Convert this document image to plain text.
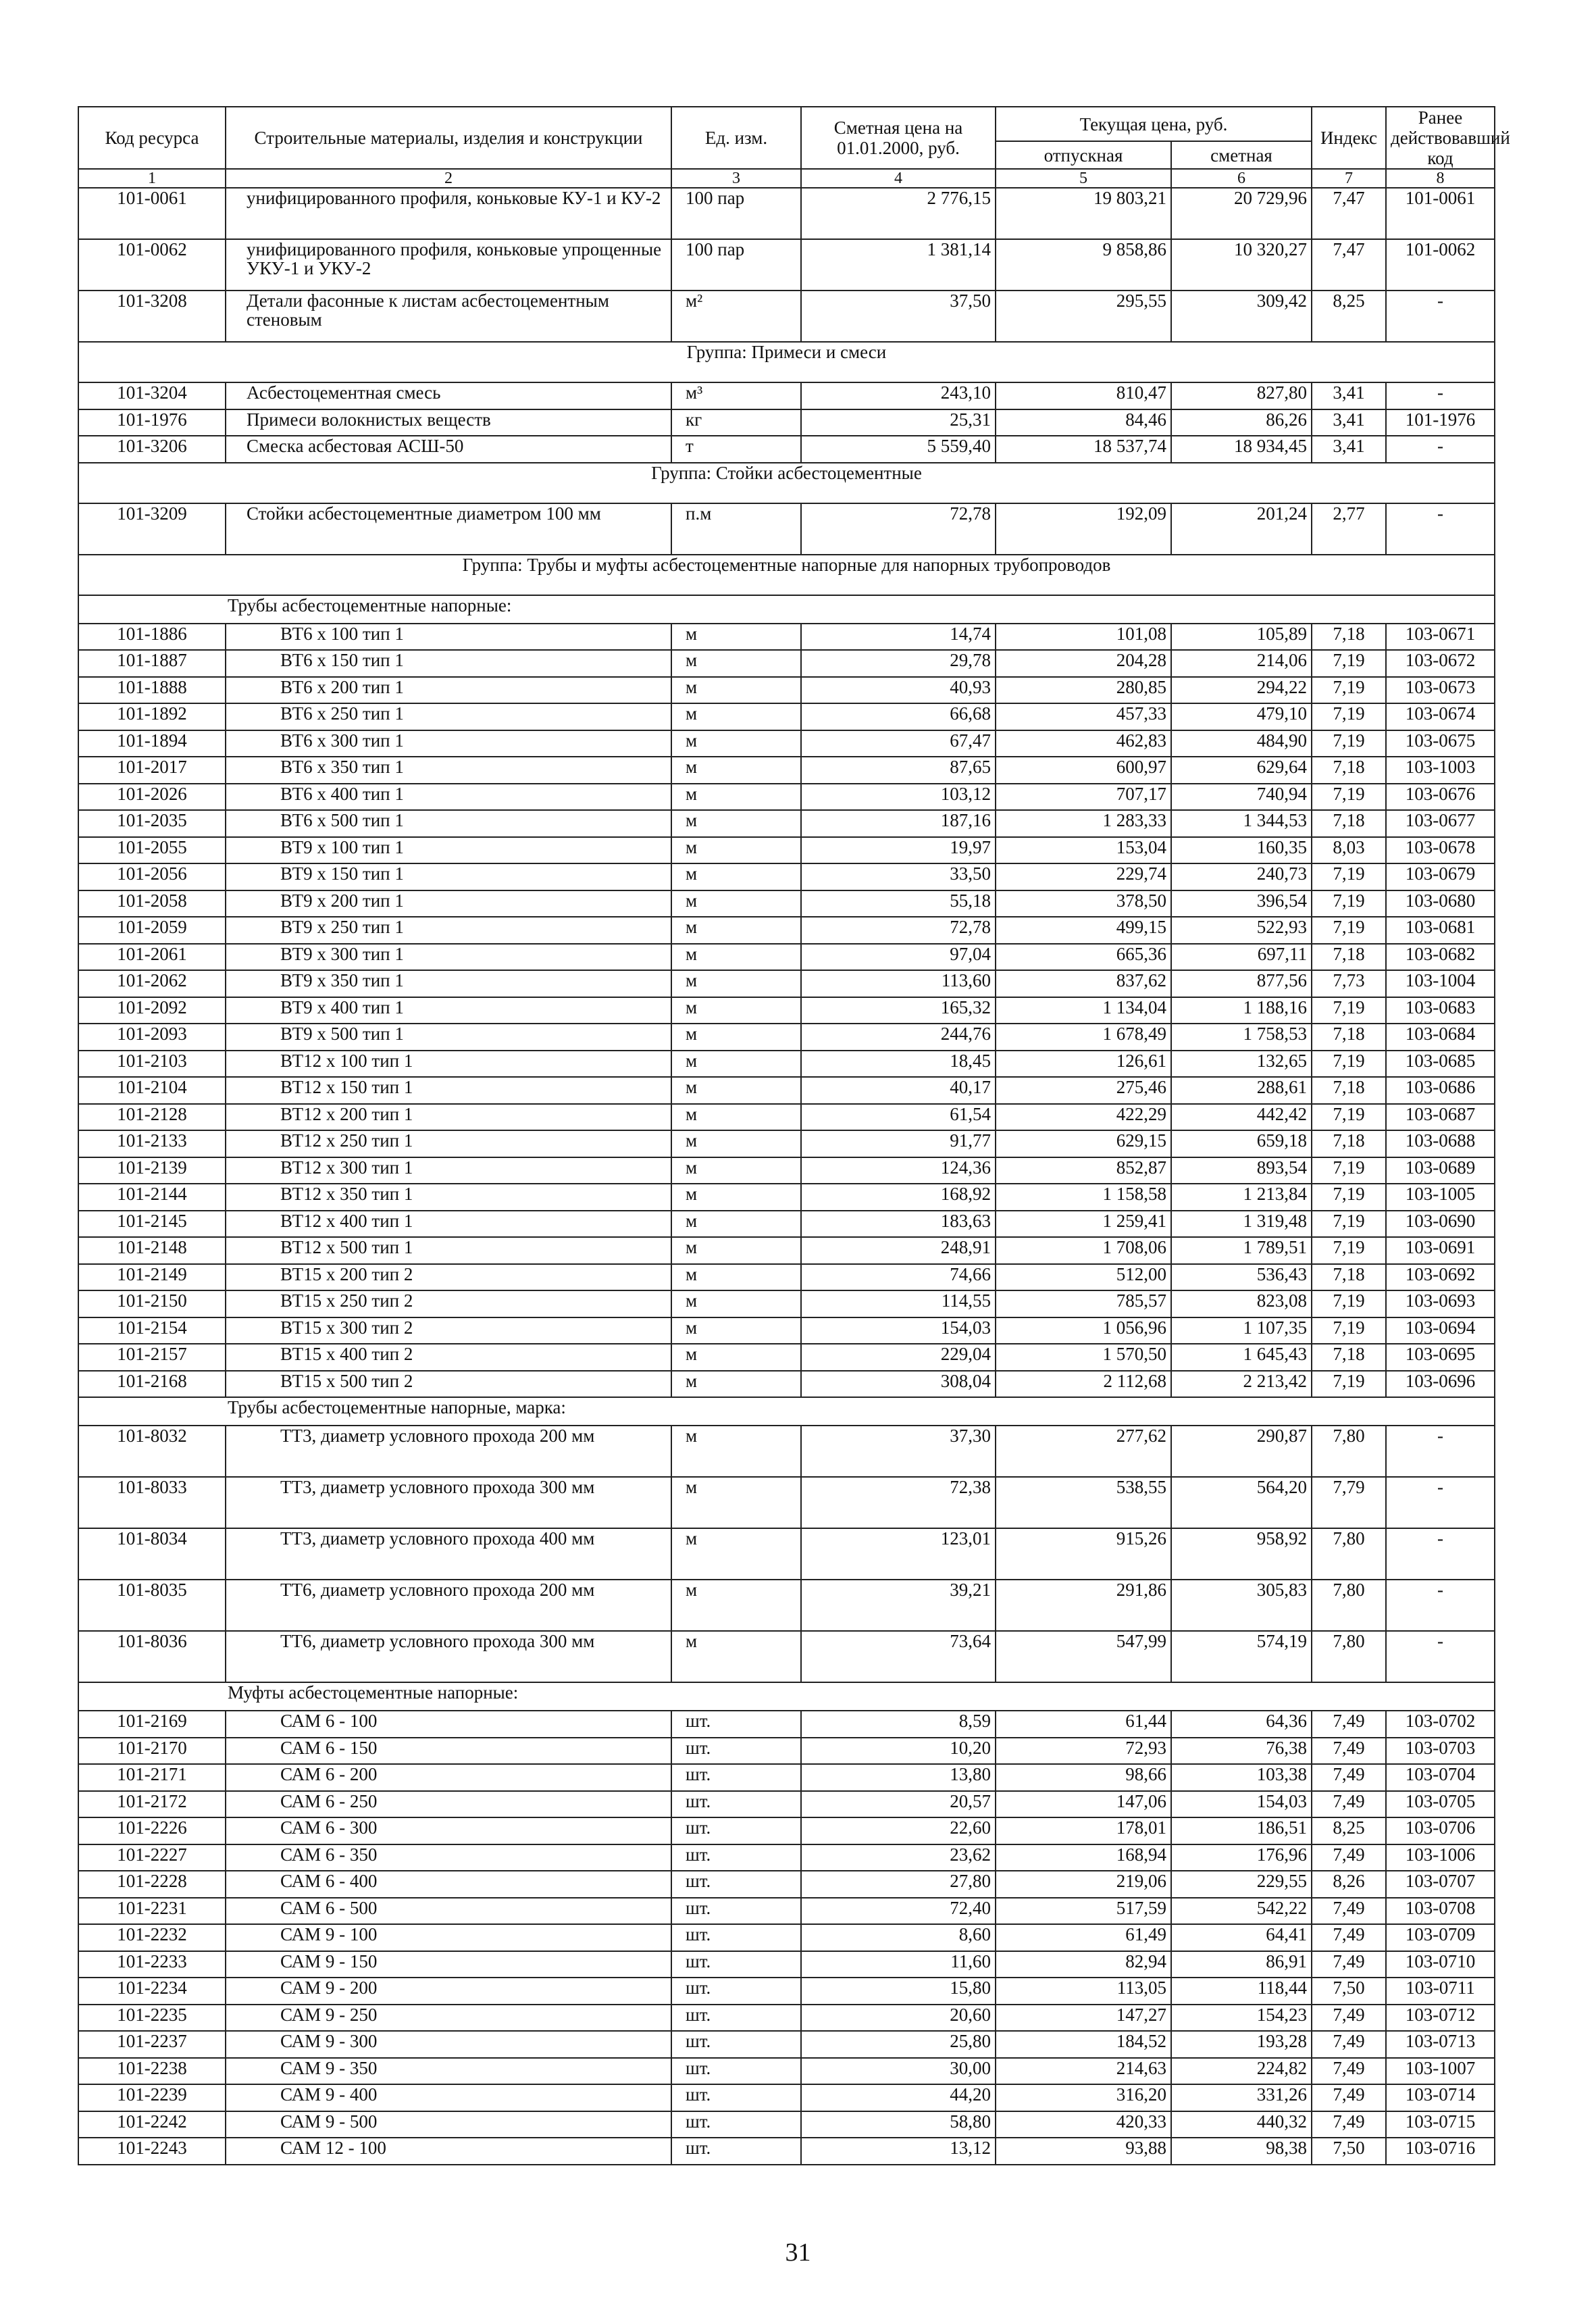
Код ресурса	Строительные материалы, изделия и конструкции	Ед. изм.	Сметная цена на 01.01.2000, руб.	Текущая цена, руб.		Индекс	Ранее действовавший код
				отпускная	сметная		
1	2	3	4	5	6	7	8
101-0061	унифицированного профиля, коньковые КУ-1 и КУ-2	100 пар	2 776,15	19 803,21	20 729,96	7,47	101-0061
101-0062	унифицированного профиля, коньковые упрощенные УКУ-1 и УКУ-2	100 пар	1 381,14	9 858,86	10 320,27	7,47	101-0062
101-3208	Детали фасонные к листам асбестоцементным стеновым	м²	37,50	295,55	309,42	8,25	-
Группа: Примеси и смеси							
101-3204	Асбестоцементная смесь	м³	243,10	810,47	827,80	3,41	-
101-1976	Примеси волокнистых веществ	кг	25,31	84,46	86,26	3,41	101-1976
101-3206	Смеска асбестовая АСШ-50	т	5 559,40	18 537,74	18 934,45	3,41	-
Группа: Стойки асбестоцементные							
101-3209	Стойки асбестоцементные диаметром 100 мм	п.м	72,78	192,09	201,24	2,77	-
Группа: Трубы и муфты асбестоцементные напорные для напорных трубопроводов							
Трубы асбестоцементные напорные:							
101-1886	ВТ6 х 100 тип 1	м	14,74	101,08	105,89	7,18	103-0671
101-1887	ВТ6 х 150 тип 1	м	29,78	204,28	214,06	7,19	103-0672
101-1888	ВТ6 х 200 тип 1	м	40,93	280,85	294,22	7,19	103-0673
101-1892	ВТ6 х 250 тип 1	м	66,68	457,33	479,10	7,19	103-0674
101-1894	ВТ6 х 300 тип 1	м	67,47	462,83	484,90	7,19	103-0675
101-2017	ВТ6 х 350 тип 1	м	87,65	600,97	629,64	7,18	103-1003
101-2026	ВТ6 х 400 тип 1	м	103,12	707,17	740,94	7,19	103-0676
101-2035	ВТ6 х 500 тип 1	м	187,16	1 283,33	1 344,53	7,18	103-0677
101-2055	ВТ9 х 100 тип 1	м	19,97	153,04	160,35	8,03	103-0678
101-2056	ВТ9 х 150 тип 1	м	33,50	229,74	240,73	7,19	103-0679
101-2058	ВТ9 х 200 тип 1	м	55,18	378,50	396,54	7,19	103-0680
101-2059	ВТ9 х 250 тип 1	м	72,78	499,15	522,93	7,19	103-0681
101-2061	ВТ9 х 300 тип 1	м	97,04	665,36	697,11	7,18	103-0682
101-2062	ВТ9 х 350 тип 1	м	113,60	837,62	877,56	7,73	103-1004
101-2092	ВТ9 х 400 тип 1	м	165,32	1 134,04	1 188,16	7,19	103-0683
101-2093	ВТ9 х 500 тип 1	м	244,76	1 678,49	1 758,53	7,18	103-0684
101-2103	ВТ12 х 100 тип 1	м	18,45	126,61	132,65	7,19	103-0685
101-2104	ВТ12 х 150 тип 1	м	40,17	275,46	288,61	7,18	103-0686
101-2128	ВТ12 х 200 тип 1	м	61,54	422,29	442,42	7,19	103-0687
101-2133	ВТ12 х 250 тип 1	м	91,77	629,15	659,18	7,18	103-0688
101-2139	ВТ12 х 300 тип 1	м	124,36	852,87	893,54	7,19	103-0689
101-2144	ВТ12 х 350 тип 1	м	168,92	1 158,58	1 213,84	7,19	103-1005
101-2145	ВТ12 х 400 тип 1	м	183,63	1 259,41	1 319,48	7,19	103-0690
101-2148	ВТ12 х 500 тип 1	м	248,91	1 708,06	1 789,51	7,19	103-0691
101-2149	ВТ15 х 200 тип 2	м	74,66	512,00	536,43	7,18	103-0692
101-2150	ВТ15 х 250 тип 2	м	114,55	785,57	823,08	7,19	103-0693
101-2154	ВТ15 х 300 тип 2	м	154,03	1 056,96	1 107,35	7,19	103-0694
101-2157	ВТ15 х 400 тип 2	м	229,04	1 570,50	1 645,43	7,18	103-0695
101-2168	ВТ15 х 500 тип 2	м	308,04	2 112,68	2 213,42	7,19	103-0696
Трубы асбестоцементные напорные, марка:							
101-8032	ТТ3, диаметр условного прохода 200 мм	м	37,30	277,62	290,87	7,80	-
101-8033	ТТ3, диаметр условного прохода 300 мм	м	72,38	538,55	564,20	7,79	-
101-8034	ТТ3, диаметр условного прохода 400 мм	м	123,01	915,26	958,92	7,80	-
101-8035	ТТ6, диаметр условного прохода 200 мм	м	39,21	291,86	305,83	7,80	-
101-8036	ТТ6, диаметр условного прохода 300 мм	м	73,64	547,99	574,19	7,80	-
Муфты асбестоцементные напорные:							
101-2169	САМ 6 - 100	шт.	8,59	61,44	64,36	7,49	103-0702
101-2170	САМ 6 - 150	шт.	10,20	72,93	76,38	7,49	103-0703
101-2171	САМ 6 - 200	шт.	13,80	98,66	103,38	7,49	103-0704
101-2172	САМ 6 - 250	шт.	20,57	147,06	154,03	7,49	103-0705
101-2226	САМ 6 - 300	шт.	22,60	178,01	186,51	8,25	103-0706
101-2227	САМ 6 - 350	шт.	23,62	168,94	176,96	7,49	103-1006
101-2228	САМ 6 - 400	шт.	27,80	219,06	229,55	8,26	103-0707
101-2231	САМ 6 - 500	шт.	72,40	517,59	542,22	7,49	103-0708
101-2232	САМ 9 - 100	шт.	8,60	61,49	64,41	7,49	103-0709
101-2233	САМ 9 - 150	шт.	11,60	82,94	86,91	7,49	103-0710
101-2234	САМ 9 - 200	шт.	15,80	113,05	118,44	7,50	103-0711
101-2235	САМ 9 - 250	шт.	20,60	147,27	154,23	7,49	103-0712
101-2237	САМ 9 - 300	шт.	25,80	184,52	193,28	7,49	103-0713
101-2238	САМ 9 - 350	шт.	30,00	214,63	224,82	7,49	103-1007
101-2239	САМ 9 - 400	шт.	44,20	316,20	331,26	7,49	103-0714
101-2242	САМ 9 - 500	шт.	58,80	420,33	440,32	7,49	103-0715
101-2243	САМ 12 - 100	шт.	13,12	93,88	98,38	7,50	103-0716
31
